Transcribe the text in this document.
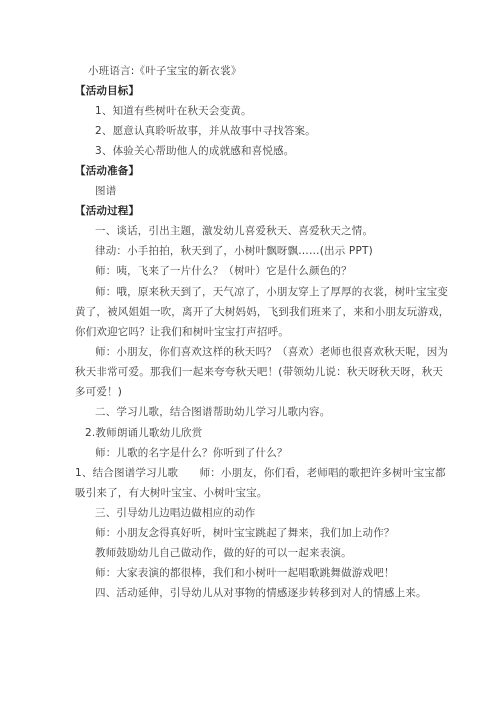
小班语言:《叶子宝宝的新衣裳》
【活动目标】
1、知道有些树叶在秋天会变黄。
2、愿意认真聆听故事，并从故事中寻找答案。
3、体验关心帮助他人的成就感和喜悦感。
【活动准备】
图谱
【活动过程】
一、谈话，引出主题，激发幼儿喜爱秋天、喜爱秋天之情。
律动：小手拍拍，秋天到了，小树叶飘呀飘……(出示 PPT)
师：咦，飞来了一片什么？（树叶）它是什么颜色的？
师：哦，原来秋天到了，天气凉了，小朋友穿上了厚厚的衣裳，树叶宝宝变
黄了，被风姐姐一吹，离开了大树妈妈，飞到我们班来了，来和小朋友玩游戏，
你们欢迎它吗？让我们和树叶宝宝打声招呼。
师：小朋友，你们喜欢这样的秋天吗？（喜欢）老师也很喜欢秋天呢，因为
秋天非常可爱。那我们一起来夸夸秋天吧！(带领幼儿说：秋天呀秋天呀，秋天
多可爱！)
二、学习儿歌，结合图谱帮助幼儿学习儿歌内容。
2.教师朗诵儿歌幼儿欣赏
师：儿歌的名字是什么？你听到了什么？
1、结合图谱学习儿歌　　师：小朋友，你们看，老师唱的歌把许多树叶宝宝都
吸引来了，有大树叶宝宝、小树叶宝宝。
三、引导幼儿边唱边做相应的动作
师：小朋友念得真好听，树叶宝宝跳起了舞来，我们加上动作？
教师鼓励幼儿自己做动作，做的好的可以一起来表演。
师：大家表演的都很棒，我们和小树叶一起唱歌跳舞做游戏吧！
四、活动延伸，引导幼儿从对事物的情感逐步转移到对人的情感上来。
